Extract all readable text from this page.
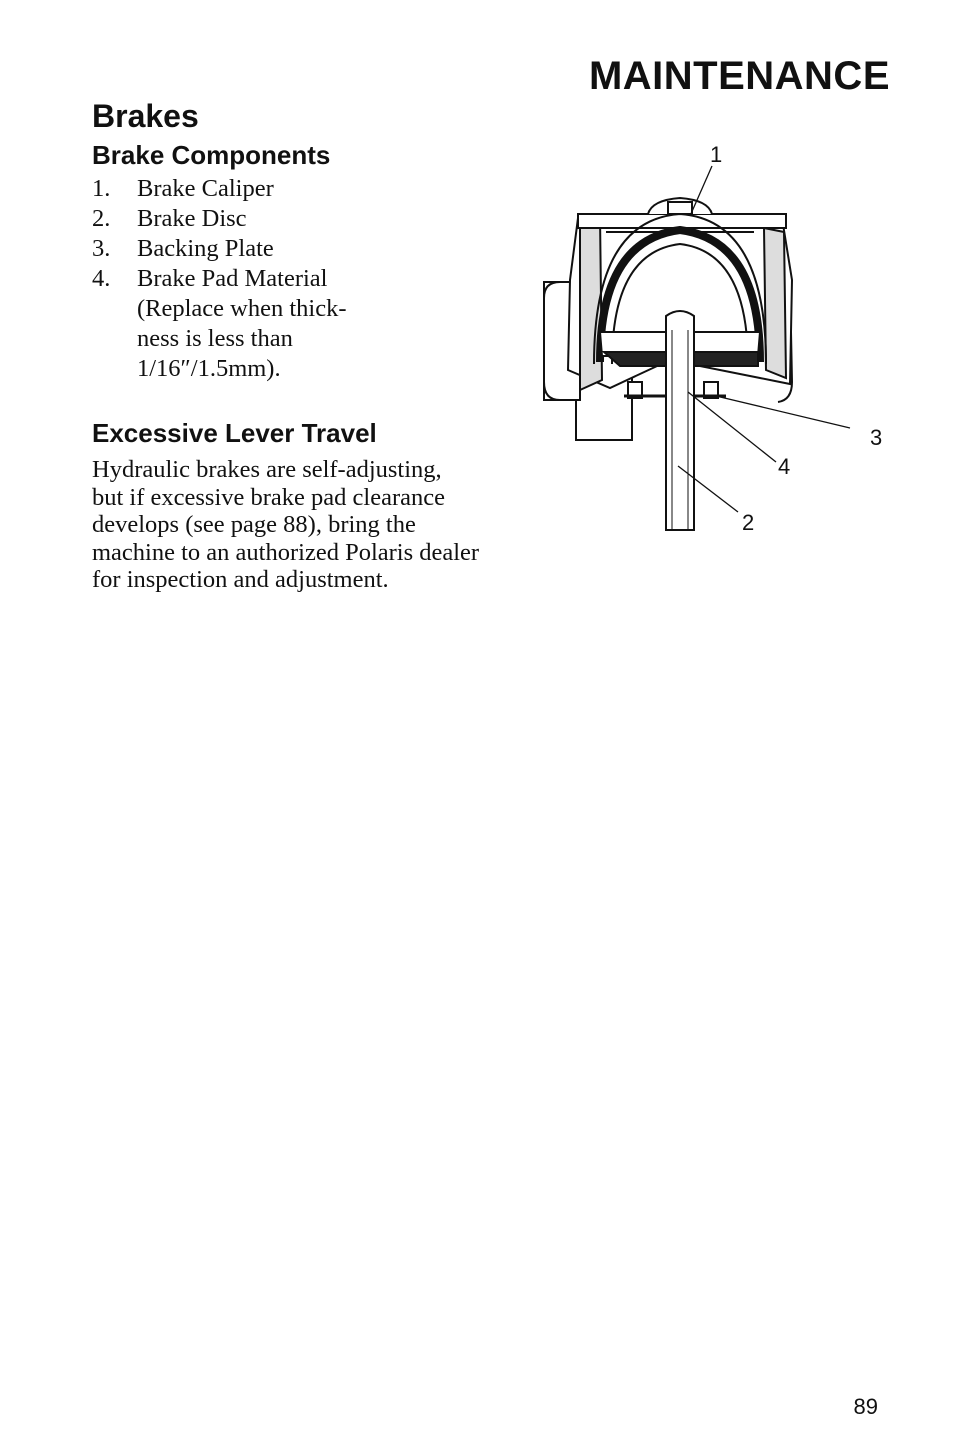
MAINTENANCE
Brakes
Brake Components
1.	Brake Caliper
2.	Brake Disc
3.	Backing Plate
4.	Brake Pad Material
(Replace when thick-
ness is less than
1/16″/1.5mm).
Excessive Lever Travel
Hydraulic brakes are self-adjusting,
but if excessive brake pad clearance
develops (see page 88), bring the
machine to an authorized Polaris dealer
for inspection and adjustment.
1
3
4
2
89
